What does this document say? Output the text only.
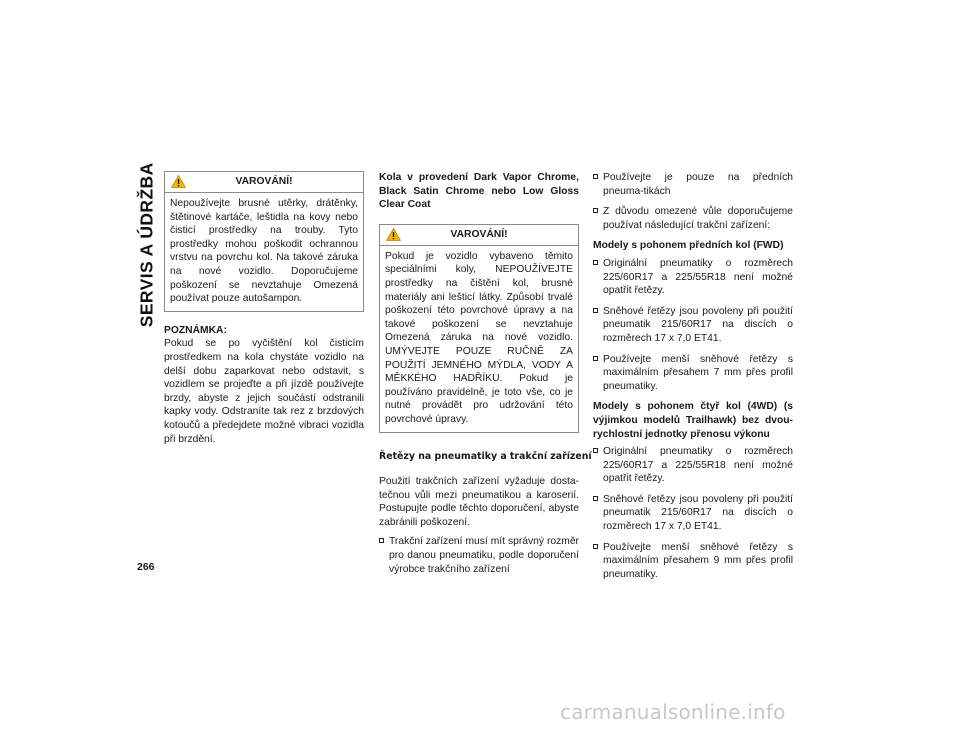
SERVIS A ÚDRŽBA	VAROVÁNÍ!
Nepoužívejte brusné utěrky, drátěnky, štětinové kartáče, leštidla na kovy nebo čisticí prostředky na trouby. Tyto prostředky mohou poškodit ochrannou vrstvu na povrchu kol. Na takové záruka na nové vozidlo. Doporučujeme poškození se nevztahuje Omezená používat pouze autošampon.

POZNÁMKA:

Pokud se po vyčištění kol čisticím prostředkem na kola chystáte vozidlo na delší dobu zaparkovat nebo odstavit, s vozidlem se projeďte a při jízdě používejte brzdy, abyste z jejich součástí odstranili kapky vody. Odstraníte tak rez z brzdových kotoučů a předejdete možné vibraci vozidla při brzdění.

Kola v provedení Dark Vapor Chrome, Black Satin Chrome nebo Low Gloss Clear Coat

VAROVÁNÍ!
Pokud je vozidlo vybaveno těmito speciálními koly, NEPOUŽÍVEJTE prostředky na čištění kol, brusné materiály ani lešticí látky. Způsobí trvalé poškození této povrchové úpravy a na takové poškození se nevztahuje Omezená záruka na nové vozidlo. UMÝVEJTE POUZE RUČNĚ ZA POUŽITÍ JEMNÉHO MÝDLA, VODY A MĚKKÉHO HADŘÍKU. Pokud je používáno pravidelně, je toto vše, co je nutné provádět pro udržování této povrchové úpravy.
Řetězy na pneumatiky a trakční zařízení

Použití trakčních zařízení vyžaduje dosta-tečnou vůli mezi pneumatikou a karoserií. Postupujte podle těchto doporučení, abyste zabránili poškození.

Trakční zařízení musí mít správný rozměr pro danou pneumatiku, podle doporučení výrobce trakčního zařízení
Používejte je pouze na předních pneuma-tikách
Z důvodu omezené vůle doporučujeme používat následující trakční zařízení:

Modely s pohonem předních kol (FWD)

Originální pneumatiky o rozměrech 225/60R17 a 225/55R18 není možné opatřit řetězy.
Sněhové řetězy jsou povoleny při použití pneumatik 215/60R17 na discích o rozměrech 17 x 7,0 ET41.
Používejte menší sněhové řetězy s maximálním přesahem 7 mm přes profil pneumatiky.

Modely s pohonem čtyř kol (4WD) (s výjimkou modelů Trailhawk) bez dvou-rychlostní jednotky přenosu výkonu

Originální pneumatiky o rozměrech 225/60R17 a 225/55R18 není možné opatřit řetězy.
Sněhové řetězy jsou povoleny při použití pneumatik 215/60R17 na discích o rozměrech 17 x 7,0 ET41.
Používejte menší sněhové řetězy s maximálním přesahem 9 mm přes profil pneumatiky.
266
carmanualsonline.info
